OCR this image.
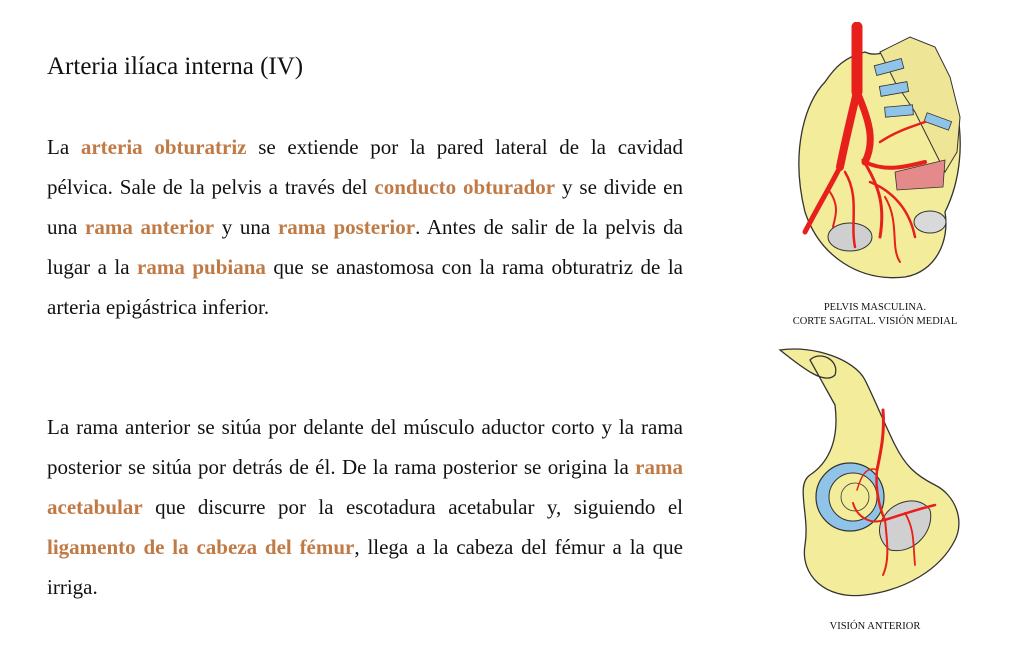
Arteria ilíaca interna (IV)

La arteria obturatriz se extiende por la pared lateral de la cavidad pélvica. Sale de la pelvis a través del conducto obturador y se divide en una rama anterior y una rama posterior. Antes de salir de la pelvis da lugar a la rama pubiana que se anastomosa con la rama obturatriz de la arteria epigástrica inferior.

La rama anterior se sitúa por delante del músculo aductor corto y la rama posterior se sitúa por detrás de él. De la rama posterior se origina la rama acetabular que discurre por la escotadura acetabular y, siguiendo el ligamento de la cabeza del fémur, llega a la cabeza del fémur a la que irriga.

PELVIS MASCULINA.
CORTE SAGITAL. VISIÓN MEDIAL
VISIÓN ANTERIOR
